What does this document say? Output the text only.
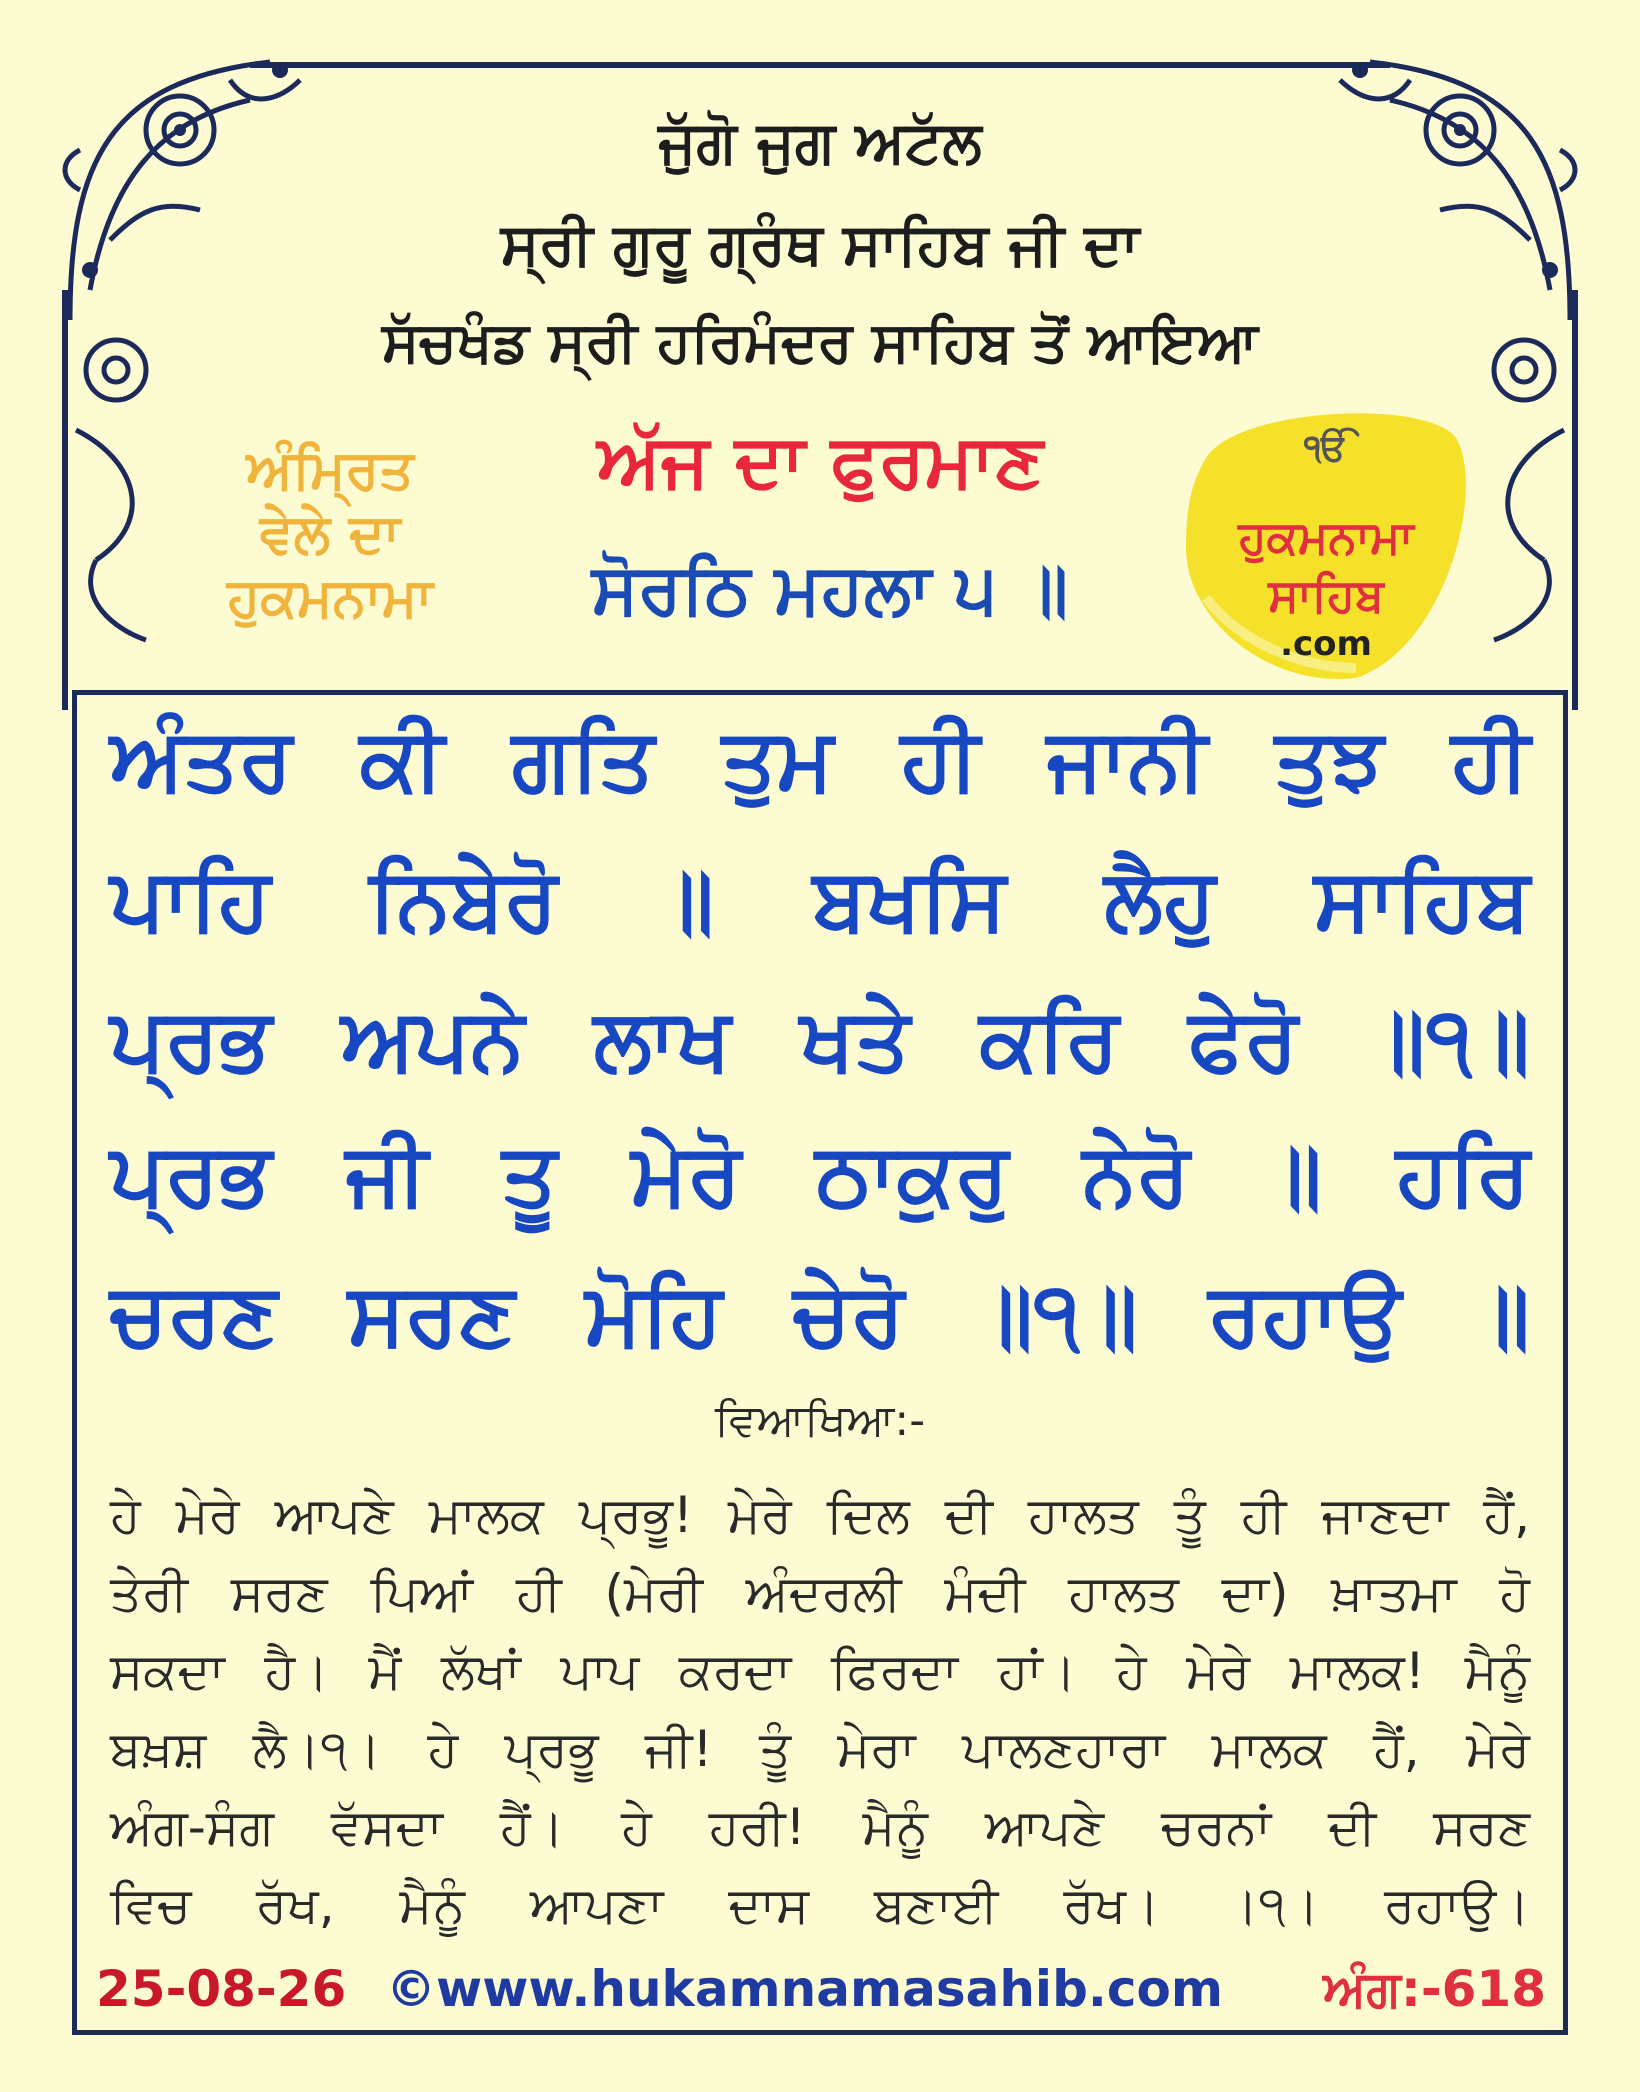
ਜੁੱਗੋ ਜੁਗ ਅਟੱਲ
ਸ੍ਰੀ ਗੁਰੂ ਗ੍ਰੰਥ ਸਾਹਿਬ ਜੀ ਦਾ
ਸੱਚਖੰਡ ਸ੍ਰੀ ਹਰਿਮੰਦਰ ਸਾਹਿਬ ਤੋਂ ਆਇਆ
ਅੰਮ੍ਰਿਤ
ਵੇਲੇ ਦਾ
ਹੁਕਮਨਾਮਾ
ਅੱਜ ਦਾ ਫੁਰਮਾਣ
ਸੋਰਠਿ ਮਹਲਾ ੫ ॥
ੴ
ਹੁਕਮਨਾਮਾ
ਸਾਹਿਬ
.com
ਅੰਤਰ ਕੀ ਗਤਿ ਤੁਮ ਹੀ ਜਾਨੀ ਤੁਝ ਹੀ
ਪਾਹਿ ਨਿਬੇਰੋ ॥ ਬਖਸਿ ਲੈਹੁ ਸਾਹਿਬ
ਪ੍ਰਭ ਅਪਨੇ ਲਾਖ ਖਤੇ ਕਰਿ ਫੇਰੋ ॥੧॥
ਪ੍ਰਭ ਜੀ ਤੂ ਮੇਰੋ ਠਾਕੁਰੁ ਨੇਰੋ ॥ ਹਰਿ
ਚਰਣ ਸਰਣ ਮੋਹਿ ਚੇਰੋ ॥੧॥ ਰਹਾਉ ॥
ਵਿਆਖਿਆ:-
ਹੇ ਮੇਰੇ ਆਪਣੇ ਮਾਲਕ ਪ੍ਰਭੂ! ਮੇਰੇ ਦਿਲ ਦੀ ਹਾਲਤ ਤੂੰ ਹੀ ਜਾਣਦਾ ਹੈਂ,
ਤੇਰੀ ਸਰਣ ਪਿਆਂ ਹੀ (ਮੇਰੀ ਅੰਦਰਲੀ ਮੰਦੀ ਹਾਲਤ ਦਾ) ਖ਼ਾਤਮਾ ਹੋ
ਸਕਦਾ ਹੈ। ਮੈਂ ਲੱਖਾਂ ਪਾਪ ਕਰਦਾ ਫਿਰਦਾ ਹਾਂ। ਹੇ ਮੇਰੇ ਮਾਲਕ! ਮੈਨੂੰ
ਬਖ਼ਸ਼ ਲੈ।੧। ਹੇ ਪ੍ਰਭੂ ਜੀ! ਤੂੰ ਮੇਰਾ ਪਾਲਣਹਾਰਾ ਮਾਲਕ ਹੈਂ, ਮੇਰੇ
ਅੰਗ-ਸੰਗ ਵੱਸਦਾ ਹੈਂ। ਹੇ ਹਰੀ! ਮੈਨੂੰ ਆਪਣੇ ਚਰਨਾਂ ਦੀ ਸਰਣ
ਵਿਚ ਰੱਖ, ਮੈਨੂੰ ਆਪਣਾ ਦਾਸ ਬਣਾਈ ਰੱਖ। ।੧। ਰਹਾਉ।
25-08-26 ©www.hukamnamasahib.com ਅੰਗ:-618
